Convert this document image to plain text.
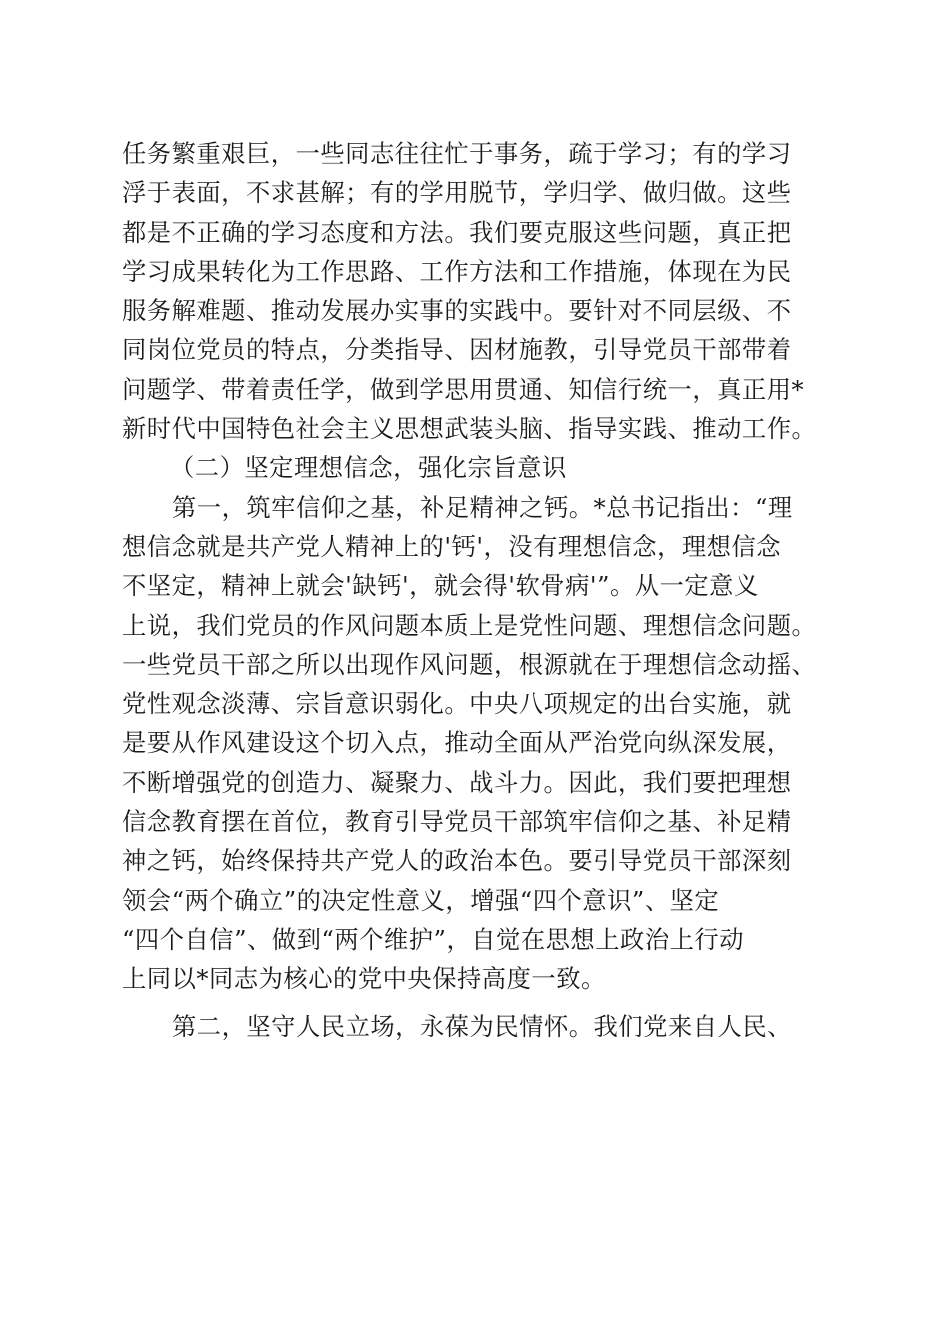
任务繁重艰巨，一些同志往往忙于事务，疏于学习；有的学习
浮于表面，不求甚解；有的学用脱节，学归学、做归做。这些
都是不正确的学习态度和方法。我们要克服这些问题，真正把
学习成果转化为工作思路、工作方法和工作措施，体现在为民
服务解难题、推动发展办实事的实践中。要针对不同层级、不
同岗位党员的特点，分类指导、因材施教，引导党员干部带着
问题学、带着责任学，做到学思用贯通、知信行统一，真正用*
新时代中国特色社会主义思想武装头脑、指导实践、推动工作。
（二）坚定理想信念，强化宗旨意识
第一，筑牢信仰之基，补足精神之钙。*总书记指出：“理
想信念就是共产党人精神上的'钙'，没有理想信念，理想信念
不坚定，精神上就会'缺钙'，就会得'软骨病'”。从一定意义
上说，我们党员的作风问题本质上是党性问题、理想信念问题。
一些党员干部之所以出现作风问题，根源就在于理想信念动摇、
党性观念淡薄、宗旨意识弱化。中央八项规定的出台实施，就
是要从作风建设这个切入点，推动全面从严治党向纵深发展，
不断增强党的创造力、凝聚力、战斗力。因此，我们要把理想
信念教育摆在首位，教育引导党员干部筑牢信仰之基、补足精
神之钙，始终保持共产党人的政治本色。要引导党员干部深刻
领会“两个确立”的决定性意义，增强“四个意识”、坚定
“四个自信”、做到“两个维护”，自觉在思想上政治上行动
上同以*同志为核心的党中央保持高度一致。
第二，坚守人民立场，永葆为民情怀。我们党来自人民、
